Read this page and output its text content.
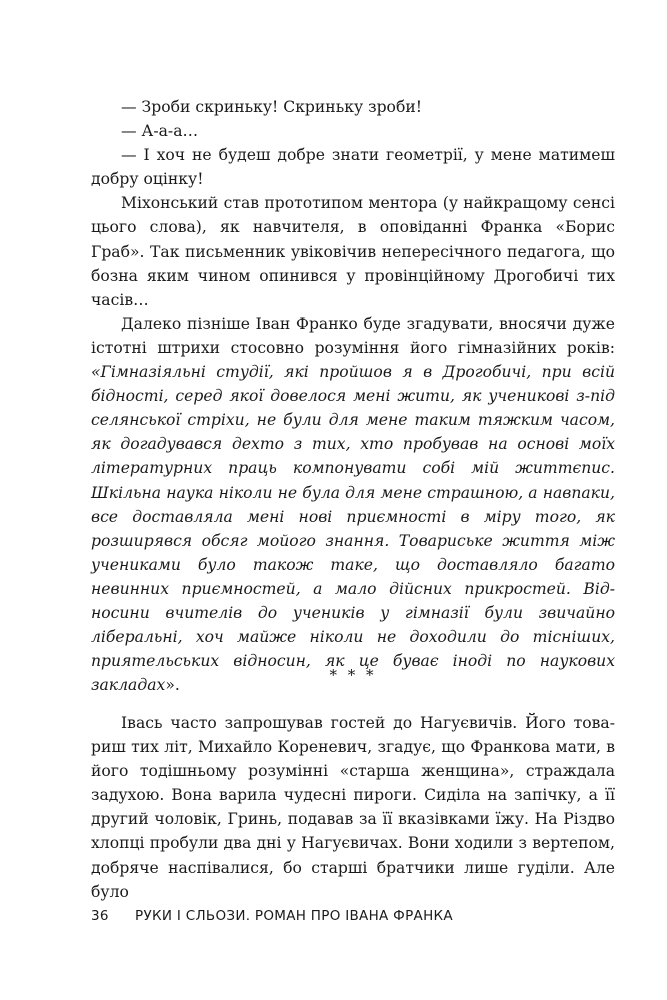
— Зроби скриньку! Скриньку зроби!

— А-а-а…

— І хоч не будеш добре знати геометрії, у мене матимеш добру оцінку!

Міхонський став прототипом ментора (у найкращому сенсі цього слова), як навчителя, в оповіданні Франка «Борис Граб». Так письменник увіковічив непересічного педагога, що бозна яким чином опинився у провінційному Дрогобичі тих часів…

Далеко пізніше Іван Франко буде згадувати, вносячи дуже істотні штрихи стосовно розуміння його гімназійних років: «Гімназіяльні студії, які пройшов я в Дрогобичі, при всій бідності, серед якої довелося мені жити, як ученикові з-під селянської стріхи, не були для мене таким тяжким часом, як догадувався дехто з тих, хто пробував на основі моїх літературних праць компонувати собі мій життєпис. Шкільна наука ніколи не була для мене страшною, а навпаки, все доставляла мені нові приємності в міру того, як розширявся обсяг мойого знання. Товариське життя між учениками було також таке, що доставляло багато невинних приємностей, а мало дійсних прикростей. Відносини вчителів до учеників у гімназії були звичайно ліберальні, хоч майже ніколи не доходили до тісніших, приятельських відносин, як це буває іноді по наукових закладах».

* * *

Івась часто запрошував гостей до Нагуєвичів. Його товариш тих літ, Михайло Кореневич, згадує, що Франкова мати, в його тодішньому розумінні «старша женщина», страждала задухою. Вона варила чудесні пироги. Сиділа на запічку, а її другий чоловік, Гринь, подавав за її вказівками їжу. На Різдво хлопці пробули два дні у Нагуєвичах. Вони ходили з вертепом, добряче наспівалися, бо старші братчики лише гуділи. Але було

36 РУКИ І СЛЬОЗИ. РОМАН ПРО ІВАНА ФРАНКА
